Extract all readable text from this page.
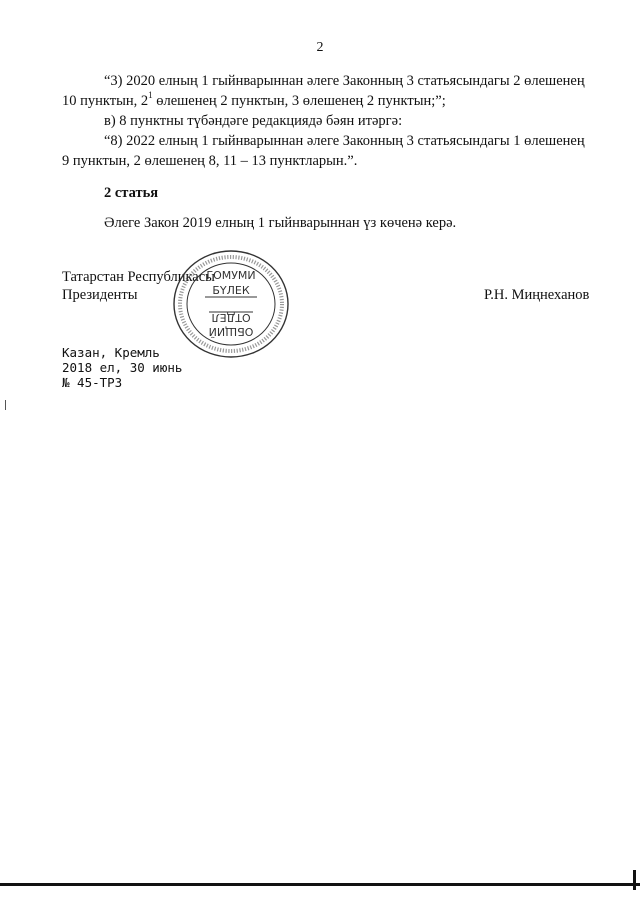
2
“3) 2020 елның 1 гыйнварыннан әлеге Законның 3 статьясындагы 2 өлешенең
10 пунктын, $2^1$ өлешенең 2 пунктын, 3 өлешенең 2 пунктын;”;
в) 8 пунктны түбәндәге редакциядә бәян итәргә:
“8) 2022 елның 1 гыйнварыннан әлеге Законның 3 статьясындагы 1 өлешенең
9 пунктын, 2 өлешенең 8, 11 – 13 пунктларын.”.
2 статья
Әлеге Закон 2019 елның 1 гыйнварыннан үз көченә керә.
Татарстан Республикасы
Президенты	Р.Н. Миңнеханов
ГОМУМИ
БҮЛЕК
ОТДЕЛ
ОБЩИЙ
Казан, Кремль
2018 ел, 30 июнь
№ 45-ТРЗ
